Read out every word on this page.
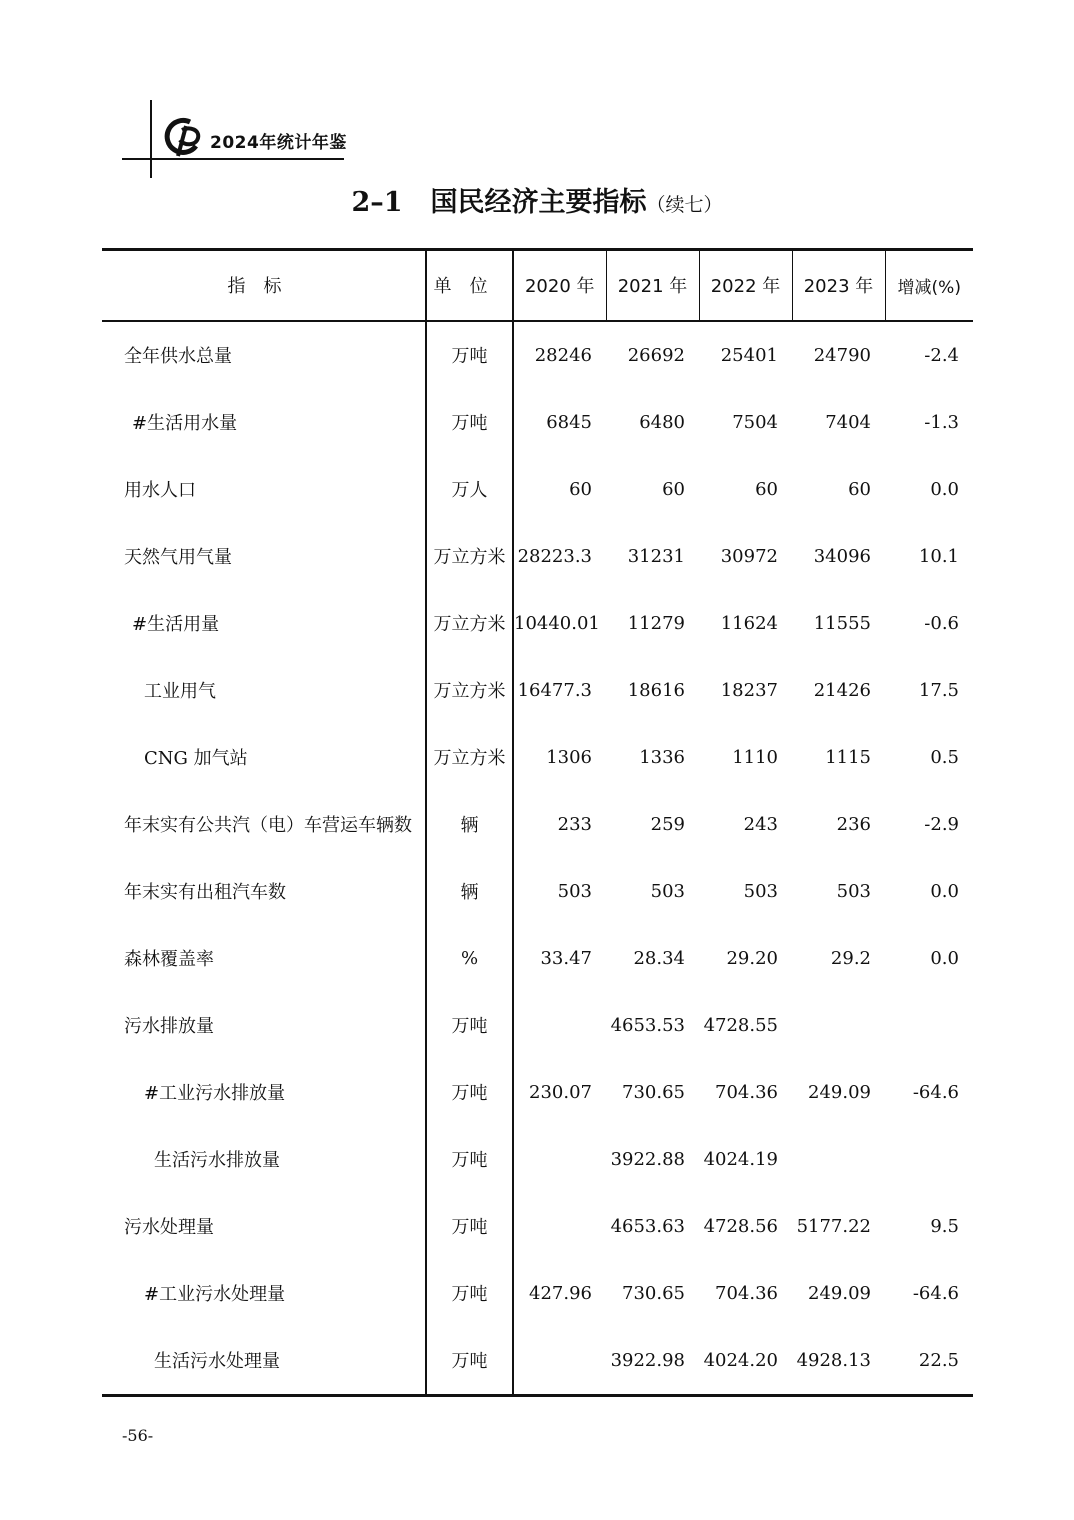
2024年统计年鉴
2–1 国民经济主要指标（续七）
指标	单位	2020 年	2021 年	2022 年	2023 年	增减(%)
全年供水总量	万吨	28246	26692	25401	24790	-2.4
#生活用水量	万吨	6845	6480	7504	7404	-1.3
用水人口	万人	60	60	60	60	0.0
天然气用气量	万立方米	28223.3	31231	30972	34096	10.1
#生活用量	万立方米	10440.01	11279	11624	11555	-0.6
工业用气	万立方米	16477.3	18616	18237	21426	17.5
CNG 加气站	万立方米	1306	1336	1110	1115	0.5
年末实有公共汽（电）车营运车辆数	辆	233	259	243	236	-2.9
年末实有出租汽车数	辆	503	503	503	503	0.0
森林覆盖率	%	33.47	28.34	29.20	29.2	0.0
污水排放量	万吨		4653.53	4728.55		
#工业污水排放量	万吨	230.07	730.65	704.36	249.09	-64.6
生活污水排放量	万吨		3922.88	4024.19		
污水处理量	万吨		4653.63	4728.56	5177.22	9.5
#工业污水处理量	万吨	427.96	730.65	704.36	249.09	-64.6
生活污水处理量	万吨		3922.98	4024.20	4928.13	22.5
-56-
